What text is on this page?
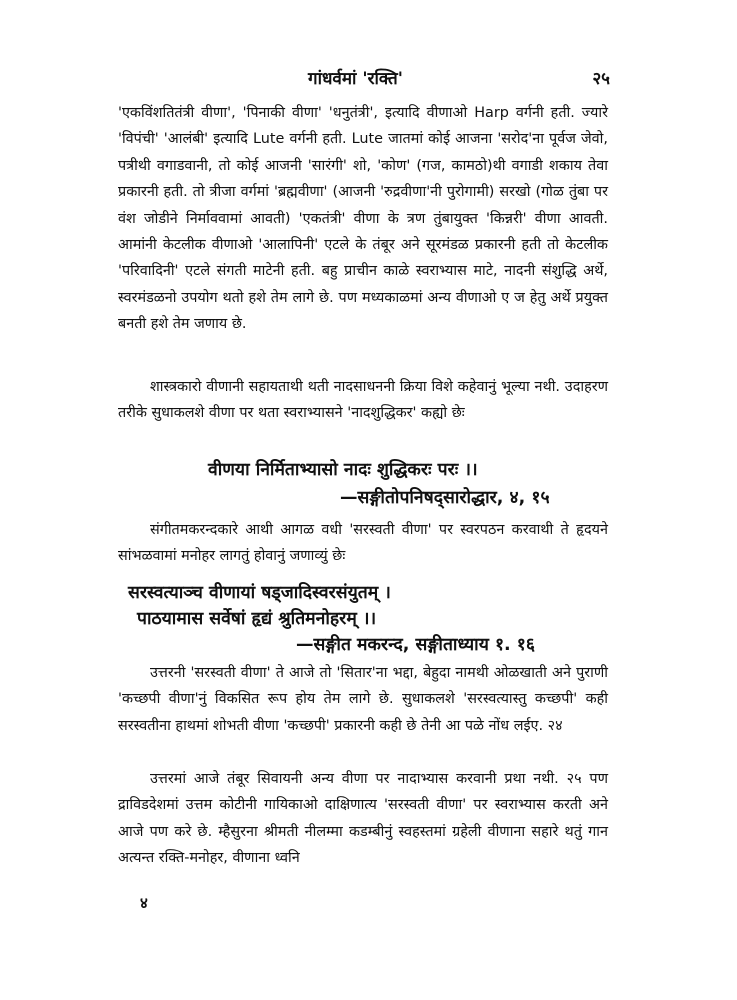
गांधर्वमां 'रक्ति'	२५

'एकविंशतितंत्री वीणा', 'पिनाकी वीणा' 'धनुतंत्री', इत्यादि वीणाओ Harp वर्गनी हती. ज्यारे 'विपंची' 'आलंबी' इत्यादि Lute वर्गनी हती. Lute जातमां कोई आजना 'सरोद'ना पूर्वज जेवो, पत्रीथी वगाडवानी, तो कोई आजनी 'सारंगी' शो, 'कोण' (गज, कामठो)थी वगाडी शकाय तेवा प्रकारनी हती. तो त्रीजा वर्गमां 'ब्रह्मवीणा' (आजनी 'रुद्रवीणा'नी पुरोगामी) सरखो (गोळ तुंबा पर वंश जोडीने निर्माववामां आवती) 'एकतंत्री' वीणा के त्रण तुंबायुक्त 'किन्नरी' वीणा आवती. आमांनी केटलीक वीणाओ 'आलापिनी' एटले के तंबूर अने सूरमंडळ प्रकारनी हती तो केटलीक 'परिवादिनी' एटले संगती माटेनी हती. बहु प्राचीन काळे स्वराभ्यास माटे, नादनी संशुद्धि अर्थे, स्वरमंडळनो उपयोग थतो हशे तेम लागे छे. पण मध्यकाळमां अन्य वीणाओ ए ज हेतु अर्थे प्रयुक्त बनती हशे तेम जणाय छे.

शास्त्रकारो वीणानी सहायताथी थती नादसाधननी क्रिया विशे कहेवानुं भूल्या नथी. उदाहरण तरीके सुधाकलशे वीणा पर थता स्वराभ्यासने 'नादशुद्धिकर' कह्यो छेः

वीणया निर्मिताभ्यासो नादः शुद्धिकरः परः ।।
—सङ्गीतोपनिषद्सारोद्धार, ४, १५

संगीतमकरन्दकारे आथी आगळ वधी 'सरस्वती वीणा' पर स्वरपठन करवाथी ते हृदयने सांभळवामां मनोहर लागतुं होवानुं जणाव्युं छेः

सरस्वत्याञ्च वीणायां षड्जादिस्वरसंयुतम् ।
पाठयामास सर्वेषां हृद्यं श्रुतिमनोहरम् ।।
—सङ्गीत मकरन्द, सङ्गीताध्याय १. १६

उत्तरनी 'सरस्वती वीणा' ते आजे तो 'सितार'ना भद्दा, बेहुदा नामथी ओळखाती अने पुराणी 'कच्छपी वीणा'नुं विकसित रूप होय तेम लागे छे. सुधाकलशे 'सरस्वत्यास्तु कच्छपी' कही सरस्वतीना हाथमां शोभती वीणा 'कच्छपी' प्रकारनी कही छे तेनी आ पळे नोंध लईए. २४

उत्तरमां आजे तंबूर सिवायनी अन्य वीणा पर नादाभ्यास करवानी प्रथा नथी. २५ पण द्राविडदेशमां उत्तम कोटीनी गायिकाओ दाक्षिणात्य 'सरस्वती वीणा' पर स्वराभ्यास करती अने आजे पण करे छे. म्हैसुरना श्रीमती नीलम्मा कडम्बीनुं स्वहस्तमां ग्रहेली वीणाना सहारे थतुं गान अत्यन्त रक्ति-मनोहर, वीणाना ध्वनि

४
